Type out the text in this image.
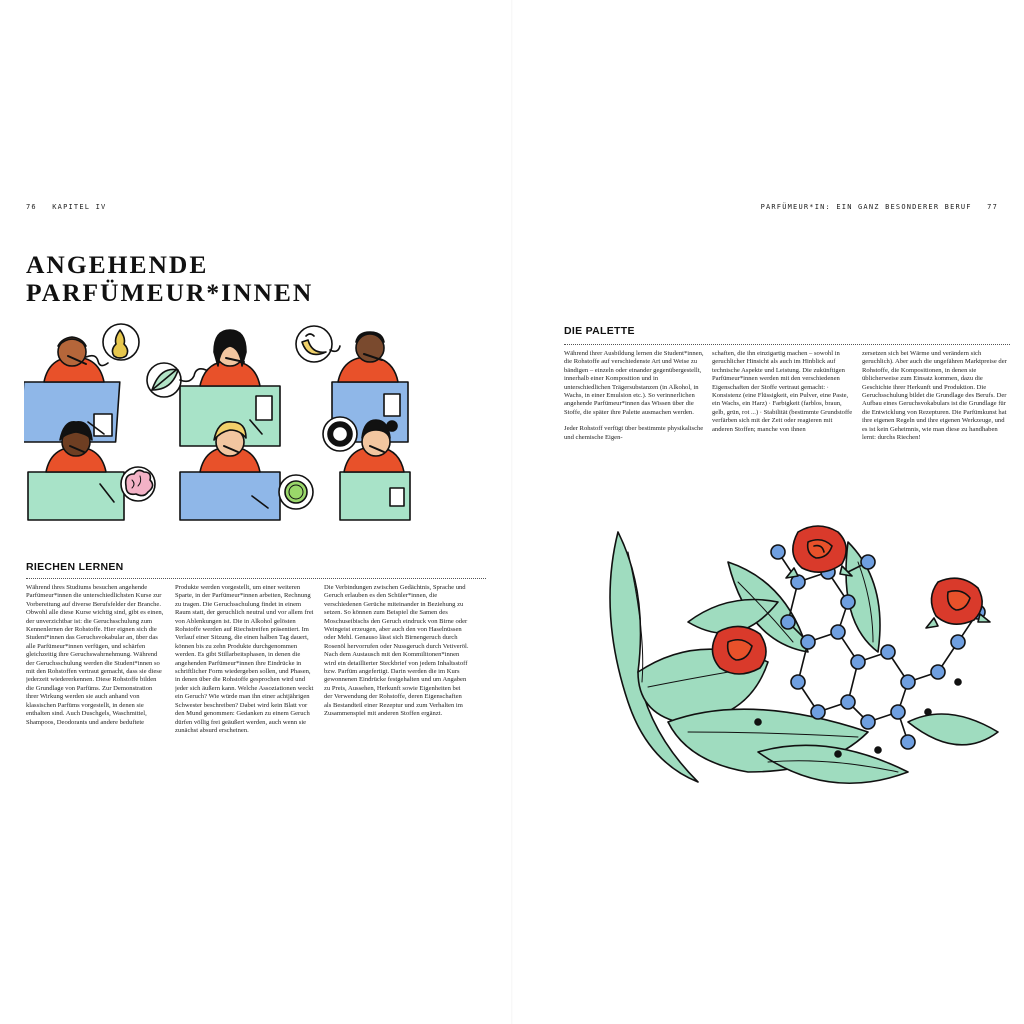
76 KAPITEL IV
ANGEHENDE
PARFÜMEUR*INNEN
RIECHEN LERNEN

Während ihres Studiums besuchen angehende Parfümeur*innen die unterschiedlichsten Kurse zur Vorbereitung auf diverse Berufsfelder der Branche. Obwohl alle diese Kurse wichtig sind, gibt es einen, der unverzichtbar ist: die Geruchsschulung zum Kennenlernen der Rohstoffe. Hier eignen sich die Student*innen das Geruchsvokabular an, über das alle Parfümeur*innen verfügen, und schärfen gleichzeitig ihre Geruchswahrnehmung. Während der Geruchsschulung werden die Student*innen so mit den Rohstoffen vertraut gemacht, dass sie diese jederzeit wiedererkennen. Diese Rohstoffe bilden die Grundlage von Parfüms. Zur Demonstration ihrer Wirkung werden sie auch anhand von klassischen Parfüms vorgestellt, in denen sie enthalten sind. Auch Duschgels, Waschmittel, Shampoos, Deodorants und andere beduftete

Produkte werden vorgestellt, um einer weiteren Sparte, in der Parfümeur*innen arbeiten, Rechnung zu tragen. Die Geruchsschulung findet in einem Raum statt, der geruchlich neutral und vor allem frei von Ablenkungen ist. Die in Alkohol gelösten Rohstoffe werden auf Riechstreifen präsentiert. Im Verlauf einer Sitzung, die einen halben Tag dauert, können bis zu zehn Produkte durchgenommen werden. Es gibt Stillarbeitsphasen, in denen die angehenden Parfümeur*innen ihre Eindrücke in schriftlicher Form wiedergeben sollen, und Phasen, in denen über die Rohstoffe gesprochen wird und jeder sich äußern kann. Welche Assoziationen weckt ein Geruch? Wie würde man ihn einer achtjährigen Schwester beschreiben? Dabei wird kein Blatt vor den Mund genommen: Gedanken zu einem Geruch dürfen völlig frei geäußert werden, auch wenn sie zunächst absurd erscheinen.

Die Verbindungen zwischen Gedächtnis, Sprache und Geruch erlauben es den Schüler*innen, die verschiedenen Gerüche miteinander in Beziehung zu setzen. So können zum Beispiel die Samen des Moschuseibischs den Geruch eindruck von Birne oder Weingeist erzeugen, aber auch den von Haselnüssen oder Mehl. Genauso lässt sich Birnengeruch durch Rosenöl hervorrufen oder Nussgeruch durch Vetiveröl. Nach dem Austausch mit den Kommilitonen*innen wird ein detaillierter Steckbrief von jedem Inhaltsstoff bzw. Parfüm angefertigt. Darin werden die im Kurs gewonnenen Eindrücke festgehalten und um Angaben zu Preis, Aussehen, Herkunft sowie Eigenheiten bei der Verwendung der Rohstoffe, deren Eigenschaften als Bestandteil einer Rezeptur und zum Verhalten im Zusammenspiel mit anderen Stoffen ergänzt.

PARFÜMEUR*IN: EIN GANZ BESONDERER BERUF 77
DIE PALETTE

Während ihrer Ausbildung lernen die Student*innen, die Rohstoffe auf verschiedenste Art und Weise zu bändigen – einzeln oder einander gegenübergestellt, innerhalb einer Komposition und in unterschiedlichen Trägersubstanzen (in Alkohol, in Wachs, in einer Emulsion etc.). So verinnerlichen angehende Parfümeur*innen das Wissen über die Stoffe, die später ihre Palette ausmachen werden.

Jeder Rohstoff verfügt über bestimmte physikalische und chemische Eigen-

schaften, die ihn einzigartig machen – sowohl in geruchlicher Hinsicht als auch im Hinblick auf technische Aspekte und Leistung. Die zukünftigen Parfümeur*innen werden mit den verschiedenen Eigenschaften der Stoffe vertraut gemacht: · Konsistenz (eine Flüssigkeit, ein Pulver, eine Paste, ein Wachs, ein Harz) · Farbigkeit (farblos, braun, gelb, grün, rot ...) · Stabilität (bestimmte Grundstoffe verfärben sich mit der Zeit oder reagieren mit anderen Stoffen; manche von ihnen

zersetzen sich bei Wärme und verändern sich geruchlich). Aber auch die ungefähren Marktpreise der Rohstoffe, die Kompositionen, in denen sie üblicherweise zum Einsatz kommen, dazu die Geschichte ihrer Herkunft und Produktion. Die Geruchsschulung bildet die Grundlage des Berufs. Der Aufbau eines Geruchsvokabulars ist die Grundlage für die Entwicklung von Rezepturen. Die Parfümkunst hat ihre eigenen Regeln und ihre eigenen Werkzeuge, und es ist kein Geheimnis, wie man diese zu handhaben lernt: durchs Riechen!
